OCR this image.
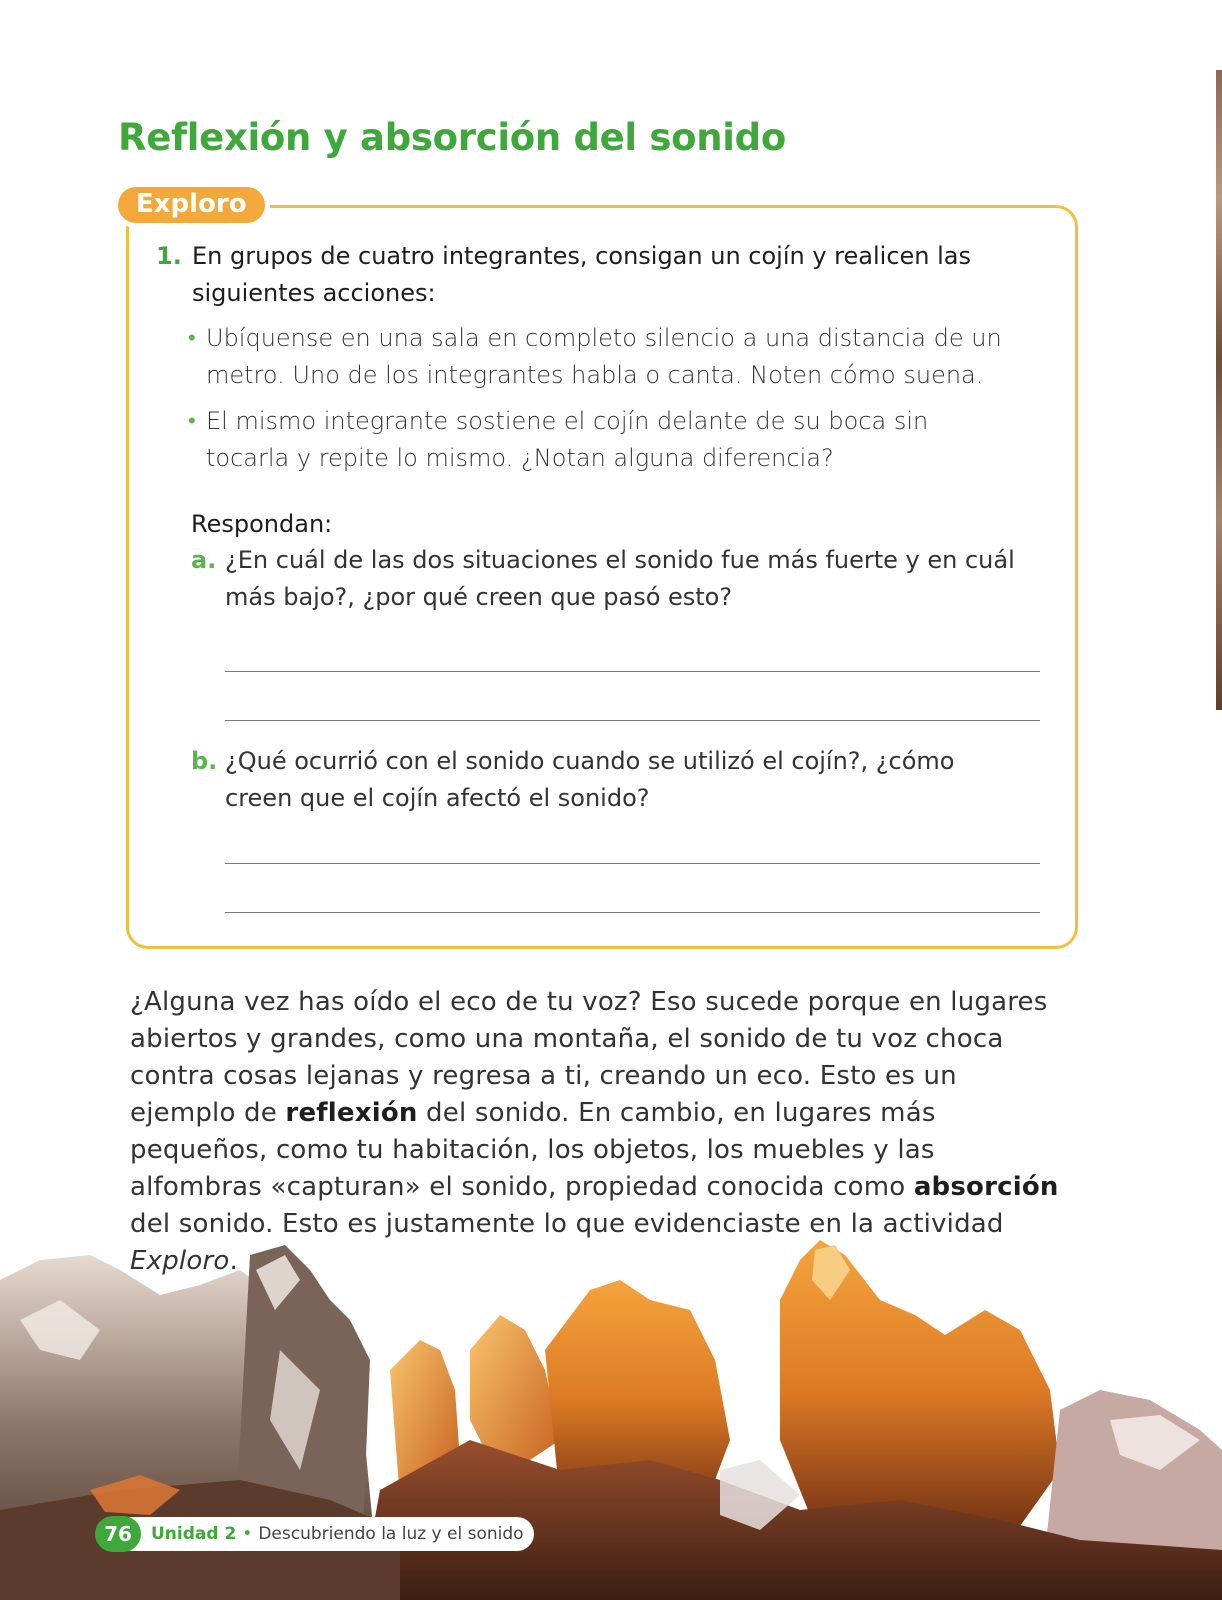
Reflexión y absorción del sonido
Exploro
1. En grupos de cuatro integrantes, consigan un cojín y realicen las siguientes acciones:
• Ubíquense en una sala en completo silencio a una distancia de un metro. Uno de los integrantes habla o canta. Noten cómo suena.
• El mismo integrante sostiene el cojín delante de su boca sin tocarla y repite lo mismo. ¿Notan alguna diferencia?
Respondan:
a. ¿En cuál de las dos situaciones el sonido fue más fuerte y en cuál más bajo?, ¿por qué creen que pasó esto?
b. ¿Qué ocurrió con el sonido cuando se utilizó el cojín?, ¿cómo creen que el cojín afectó el sonido?

¿Alguna vez has oído el eco de tu voz? Eso sucede porque en lugares abiertos y grandes, como una montaña, el sonido de tu voz choca contra cosas lejanas y regresa a ti, creando un eco. Esto es un ejemplo de reflexión del sonido. En cambio, en lugares más pequeños, como tu habitación, los objetos, los muebles y las alfombras «capturan» el sonido, propiedad conocida como absorción del sonido. Esto es justamente lo que evidenciaste en la actividad Exploro.

76	Unidad 2 • Descubriendo la luz y el sonido
